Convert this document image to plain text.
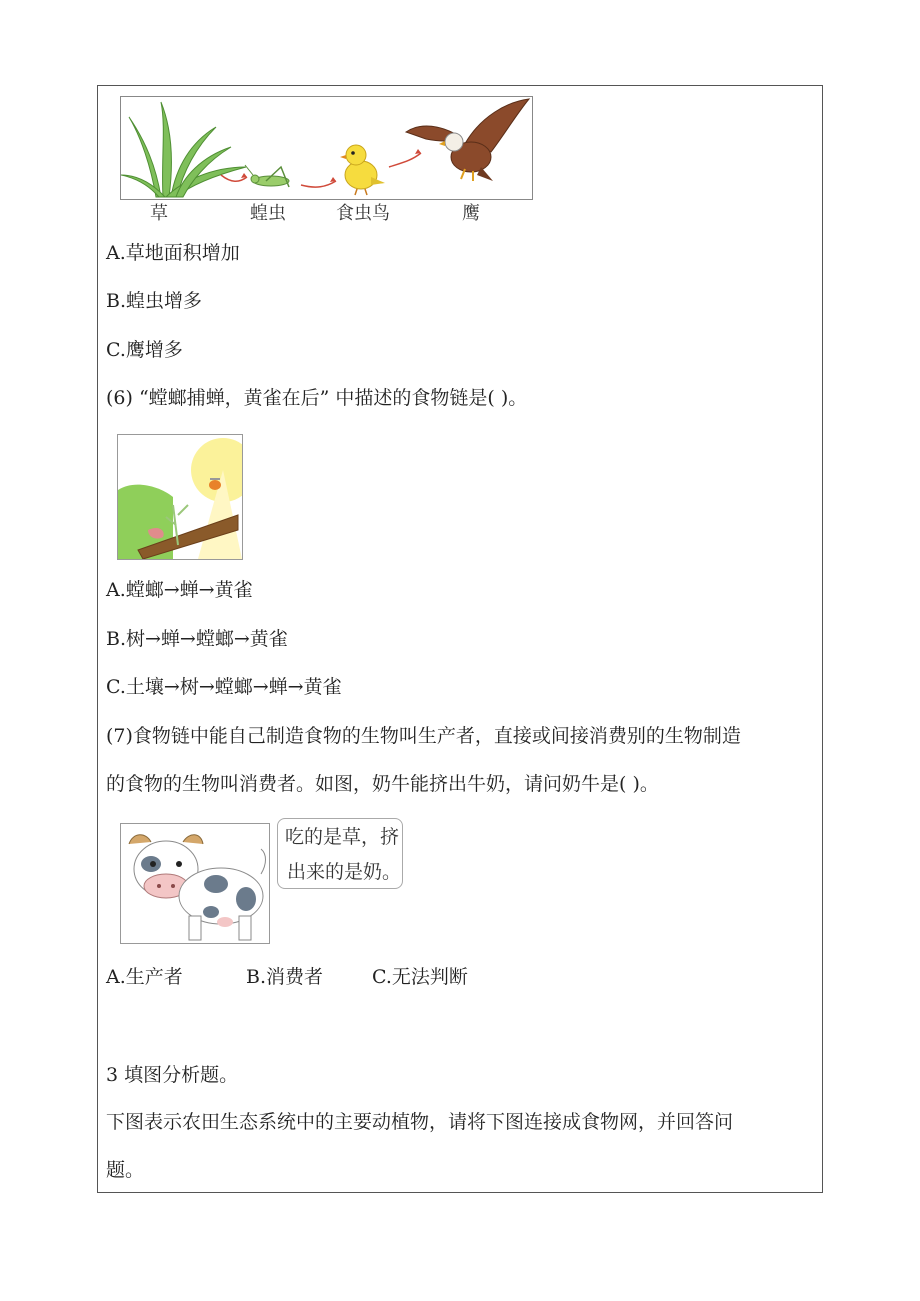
草	蝗虫	食虫鸟	鹰
A.草地面积增加
B.蝗虫增多
C.鹰增多
(6) “螳螂捕蝉，黄雀在后” 中描述的食物链是( )。
A.螳螂→蝉→黄雀
B.树→蝉→螳螂→黄雀
C.土壤→树→螳螂→蝉→黄雀
(7)食物链中能自己制造食物的生物叫生产者，直接或间接消费别的生物制造
的食物的生物叫消费者。如图，奶牛能挤出牛奶，请问奶牛是( )。
吃的是草，挤
出来的是奶。
A.生产者	B.消费者	C.无法判断
3 填图分析题。
下图表示农田生态系统中的主要动植物，请将下图连接成食物网，并回答问
题。
